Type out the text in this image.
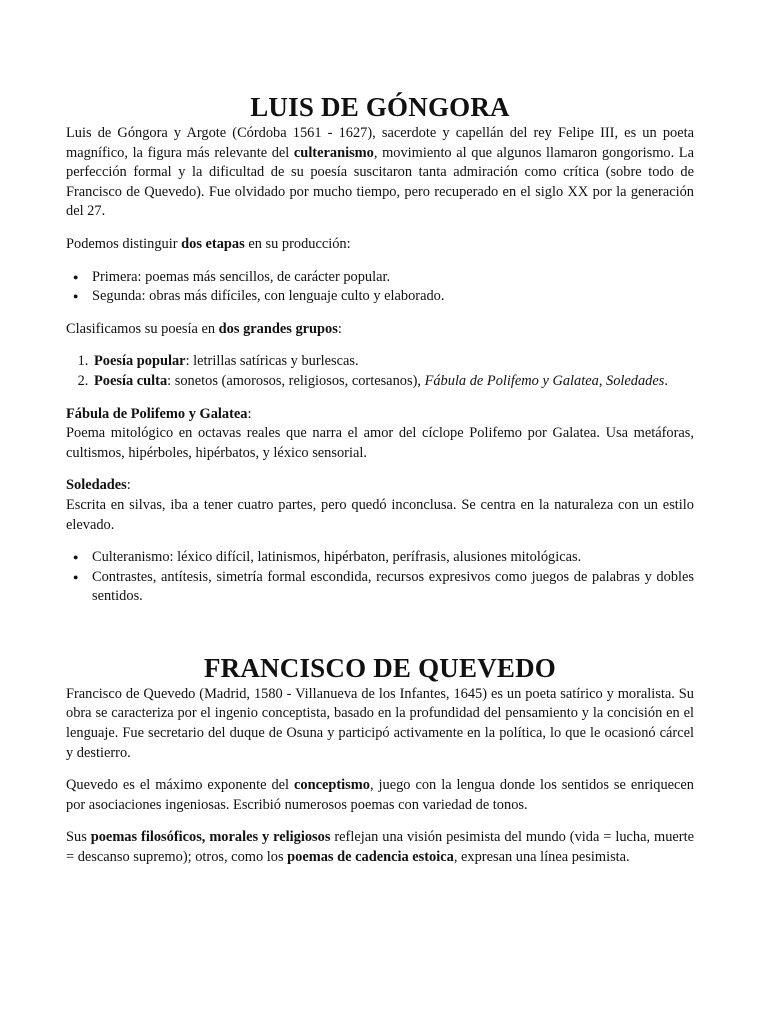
LUIS DE GÓNGORA

Luis de Góngora y Argote (Córdoba 1561 - 1627), sacerdote y capellán del rey Felipe III, es un poeta magnífico, la figura más relevante del culteranismo, movimiento al que algunos llamaron gongorismo. La perfección formal y la dificultad de su poesía suscitaron tanta admiración como crítica (sobre todo de Francisco de Quevedo). Fue olvidado por mucho tiempo, pero recuperado en el siglo XX por la generación del 27.

Podemos distinguir dos etapas en su producción:

● Primera: poemas más sencillos, de carácter popular.
● Segunda: obras más difíciles, con lenguaje culto y elaborado.

Clasificamos su poesía en dos grandes grupos:

1. Poesía popular: letrillas satíricas y burlescas.
2. Poesía culta: sonetos (amorosos, religiosos, cortesanos), Fábula de Polifemo y Galatea, Soledades.

Fábula de Polifemo y Galatea:
Poema mitológico en octavas reales que narra el amor del cíclope Polifemo por Galatea. Usa metáforas, cultismos, hipérboles, hipérbatos, y léxico sensorial.

Soledades:
Escrita en silvas, iba a tener cuatro partes, pero quedó inconclusa. Se centra en la naturaleza con un estilo elevado.

● Culteranismo: léxico difícil, latinismos, hipérbaton, perífrasis, alusiones mitológicas.
● Contrastes, antítesis, simetría formal escondida, recursos expresivos como juegos de palabras y dobles sentidos.
FRANCISCO DE QUEVEDO

Francisco de Quevedo (Madrid, 1580 - Villanueva de los Infantes, 1645) es un poeta satírico y moralista. Su obra se caracteriza por el ingenio conceptista, basado en la profundidad del pensamiento y la concisión en el lenguaje. Fue secretario del duque de Osuna y participó activamente en la política, lo que le ocasionó cárcel y destierro.

Quevedo es el máximo exponente del conceptismo, juego con la lengua donde los sentidos se enriquecen por asociaciones ingeniosas. Escribió numerosos poemas con variedad de tonos.

Sus poemas filosóficos, morales y religiosos reflejan una visión pesimista del mundo (vida = lucha, muerte = descanso supremo); otros, como los poemas de cadencia estoica, expresan una línea pesimista.
